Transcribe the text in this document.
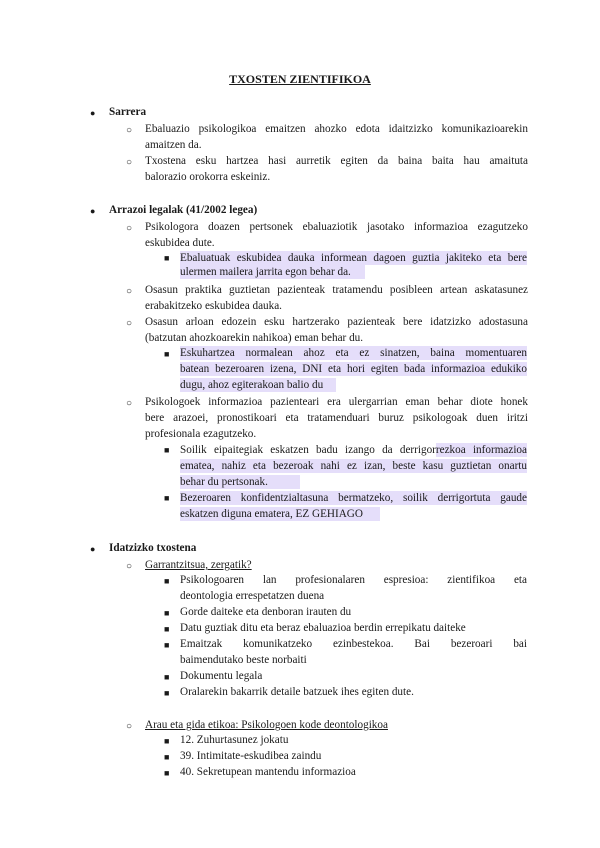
TXOSTEN ZIENTIFIKOA
● Sarrera
○ Ebaluazio psikologikoa emaitzen ahozko edota idaitzizko komunikazioarekin
amaitzen da.
○ Txostena esku hartzea hasi aurretik egiten da baina baita hau amaituta
balorazio orokorra eskeiniz.
● Arrazoi legalak (41/2002 legea)
○ Psikologora doazen pertsonek ebaluaziotik jasotako informazioa ezagutzeko
eskubidea dute.
■ Ebaluatuak eskubidea dauka informean dagoen guztia jakiteko eta bere
ulermen mailera jarrita egon behar da.
○ Osasun praktika guztietan pazienteak tratamendu posibleen artean askatasunez
erabakitzeko eskubidea dauka.
○ Osasun arloan edozein esku hartzerako pazienteak bere idatzizko adostasuna
(batzutan ahozkoarekin nahikoa) eman behar du.
■ Eskuhartzea normalean ahoz eta ez sinatzen, baina momentuaren
batean bezeroaren izena, DNI eta hori egiten bada informazioa edukiko
dugu, ahoz egiterakoan balio du
○ Psikologoek informazioa pazienteari era ulergarrian eman behar diote honek
bere arazoei, pronostikoari eta tratamenduari buruz psikologoak duen iritzi
profesionala ezagutzeko.
■ Soilik eipaitegiak eskatzen badu izango da derrigorrezkoa informazioa
ematea, nahiz eta bezeroak nahi ez izan, beste kasu guztietan onartu
behar du pertsonak.
■ Bezeroaren konfidentzialtasuna bermatzeko, soilik derrigortuta gaude
eskatzen diguna ematera, EZ GEHIAGO
● Idatzizko txostena
○ Garrantzitsua, zergatik?
■ Psikologoaren lan profesionalaren espresioa: zientifikoa eta
deontologia errespetatzen duena
■ Gorde daiteke eta denboran irauten du
■ Datu guztiak ditu eta beraz ebaluazioa berdin errepikatu daiteke
■ Emaitzak komunikatzeko ezinbestekoa. Bai bezeroari bai
baimendutako beste norbaiti
■ Dokumentu legala
■ Oralarekin bakarrik detaile batzuek ihes egiten dute.
○ Arau eta gida etikoa: Psikologoen kode deontologikoa
■ 12. Zuhurtasunez jokatu
■ 39. Intimitate-eskudibea zaindu
■ 40. Sekretupean mantendu informazioa
